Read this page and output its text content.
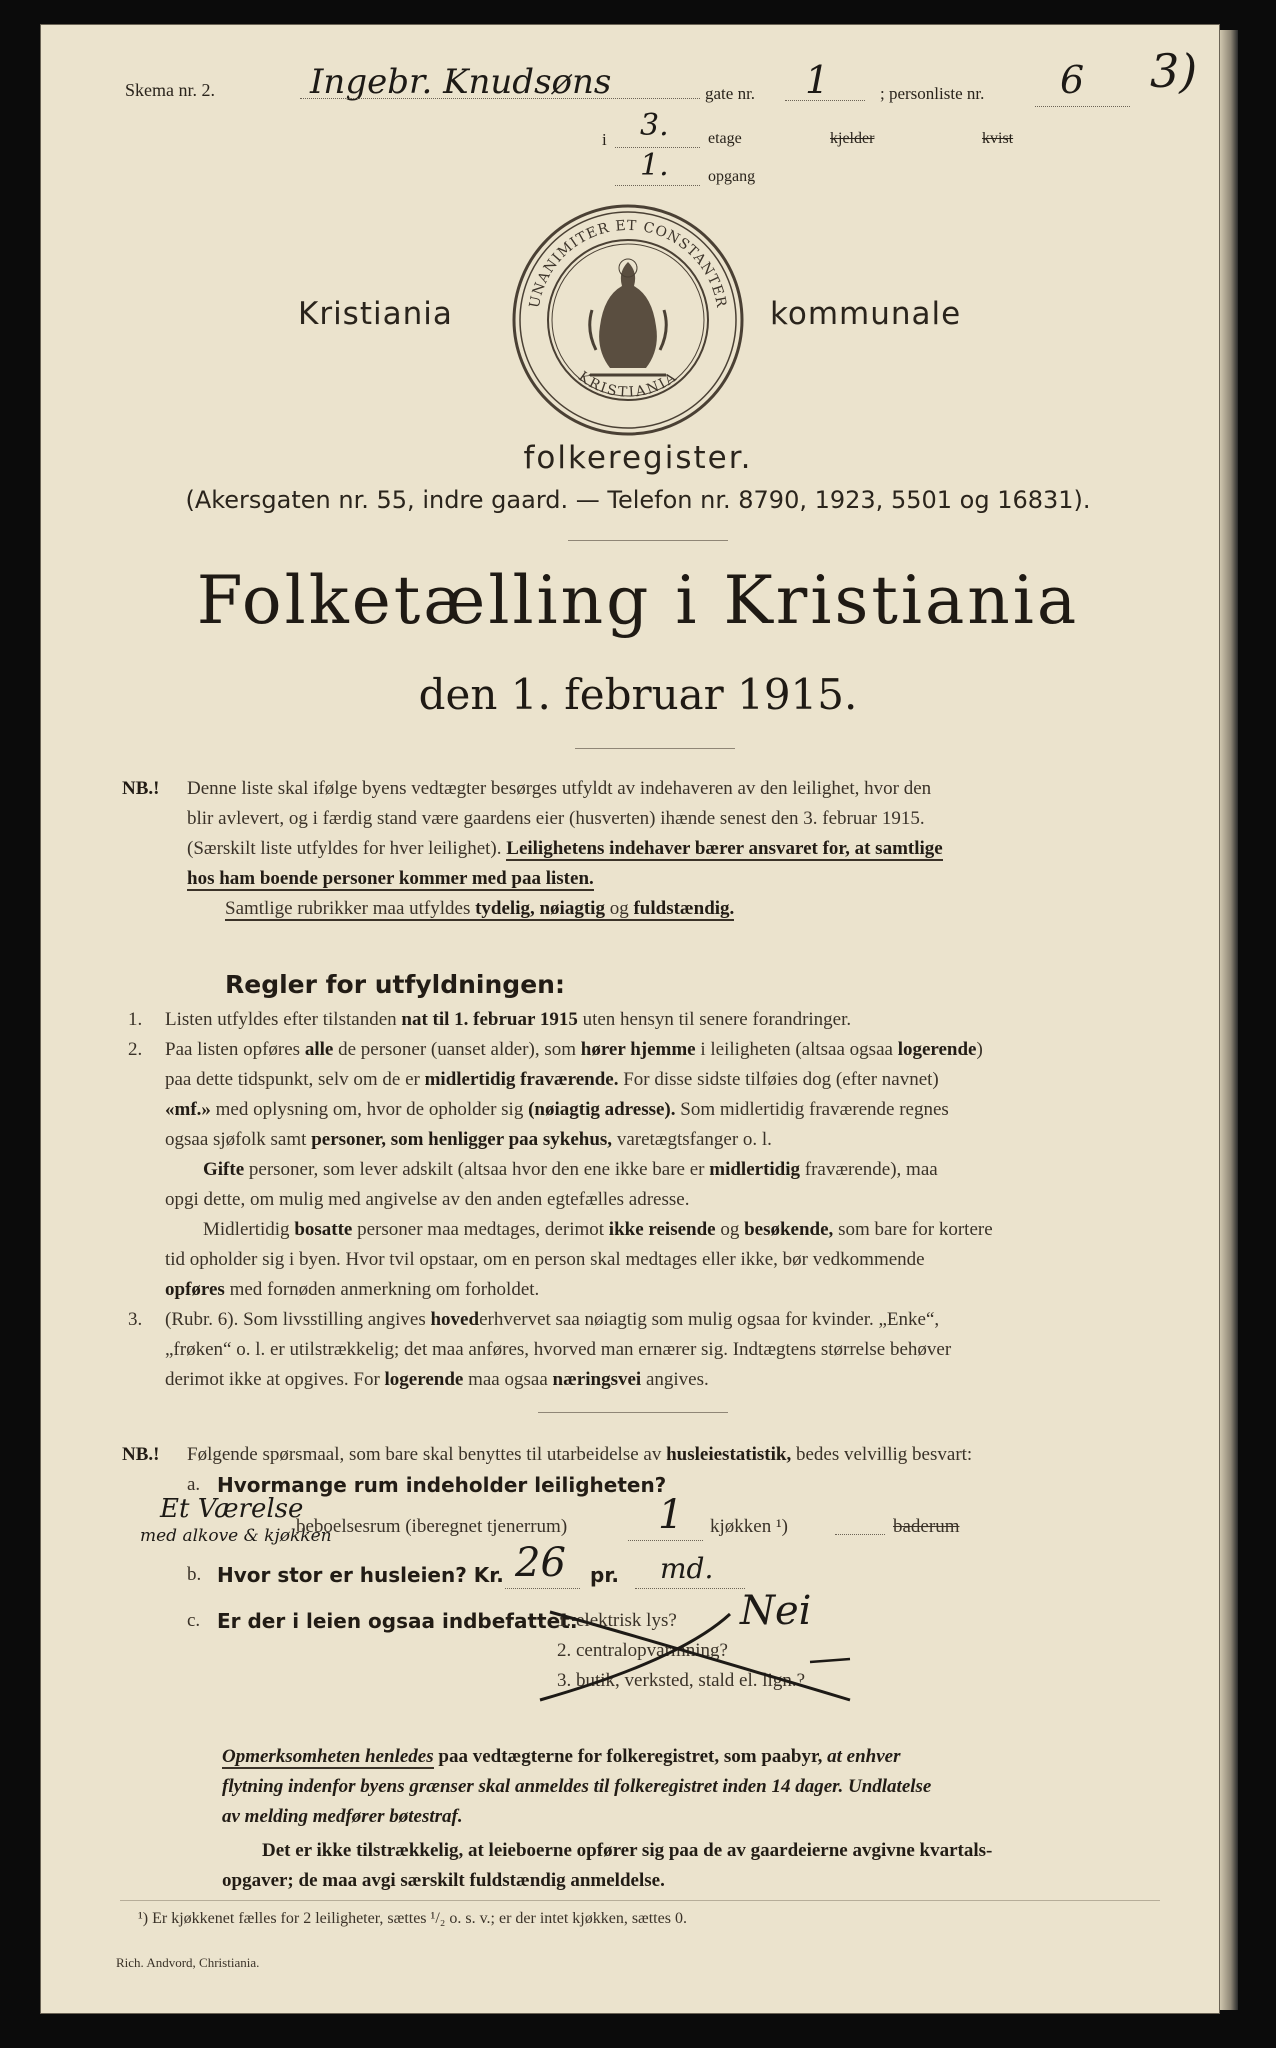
Skema nr. 2.	Ingebr. Knudsøns	gate nr. 1	; personliste nr. 6 3)
i 3. etage	kjelder	kvist
1. opgang
UNANIMITER ET CONSTANTER
KRISTIANIA
Kristiania	kommunale
folkeregister.
(Akersgaten nr. 55, indre gaard. — Telefon nr. 8790, 1923, 5501 og 16831).
Folketælling i Kristiania
den 1. februar 1915.
NB.! Denne liste skal ifølge byens vedtægter besørges utfyldt av indehaveren av den leilighet, hvor den

blir avlevert, og i færdig stand være gaardens eier (husverten) ihænde senest den 3. februar 1915.

(Særskilt liste utfyldes for hver leilighet). Leilighetens indehaver bærer ansvaret for, at samtlige

hos ham boende personer kommer med paa listen.

Samtlige rubrikker maa utfyldes tydelig, nøiagtig og fuldstændig.

Regler for utfyldningen:
1. Listen utfyldes efter tilstanden nat til 1. februar 1915 uten hensyn til senere forandringer.
2. Paa listen opføres alle de personer (uanset alder), som hører hjemme i leiligheten (altsaa ogsaa logerende)

paa dette tidspunkt, selv om de er midlertidig fraværende. For disse sidste tilføies dog (efter navnet)

«mf.» med oplysning om, hvor de opholder sig (nøiagtig adresse). Som midlertidig fraværende regnes

ogsaa sjøfolk samt personer, som henligger paa sykehus, varetægtsfanger o. l.

Gifte personer, som lever adskilt (altsaa hvor den ene ikke bare er midlertidig fraværende), maa

opgi dette, om mulig med angivelse av den anden egtefælles adresse.

Midlertidig bosatte personer maa medtages, derimot ikke reisende og besøkende, som bare for kortere

tid opholder sig i byen. Hvor tvil opstaar, om en person skal medtages eller ikke, bør vedkommende

opføres med fornøden anmerkning om forholdet.

3. (Rubr. 6). Som livsstilling angives hovederhvervet saa nøiagtig som mulig ogsaa for kvinder. „Enke“,

„frøken“ o. l. er utilstrækkelig; det maa anføres, hvorved man ernærer sig. Indtægtens størrelse behøver

derimot ikke at opgives. For logerende maa ogsaa næringsvei angives.

NB.! Følgende spørsmaal, som bare skal benyttes til utarbeidelse av husleiestatistik, bedes velvillig besvart:
a. Hvormange rum indeholder leiligheten?
Et Værelse
med alkove & kjøkken
beboelsesrum (iberegnet tjenerrum) 1 kjøkken ¹)	baderum
b. Hvor stor er husleien? Kr. 26 pr. md.
c. Er der i leien ogsaa indbefattet:
1. elektrisk lys?
2. centralopvarmning?
3. butik, verksted, stald el. lign.?
Nei
Opmerksomheten henledes paa vedtægterne for folkeregistret, som paabyr, at enhver
flytning indenfor byens grænser skal anmeldes til folkeregistret inden 14 dager. Undlatelse
av melding medfører bøtestraf.
Det er ikke tilstrækkelig, at leieboerne opfører sig paa de av gaardeierne avgivne kvartals-
opgaver; de maa avgi særskilt fuldstændig anmeldelse.
¹) Er kjøkkenet fælles for 2 leiligheter, sættes ¹/₂ o. s. v.; er der intet kjøkken, sættes 0.
Rich. Andvord, Christiania.
